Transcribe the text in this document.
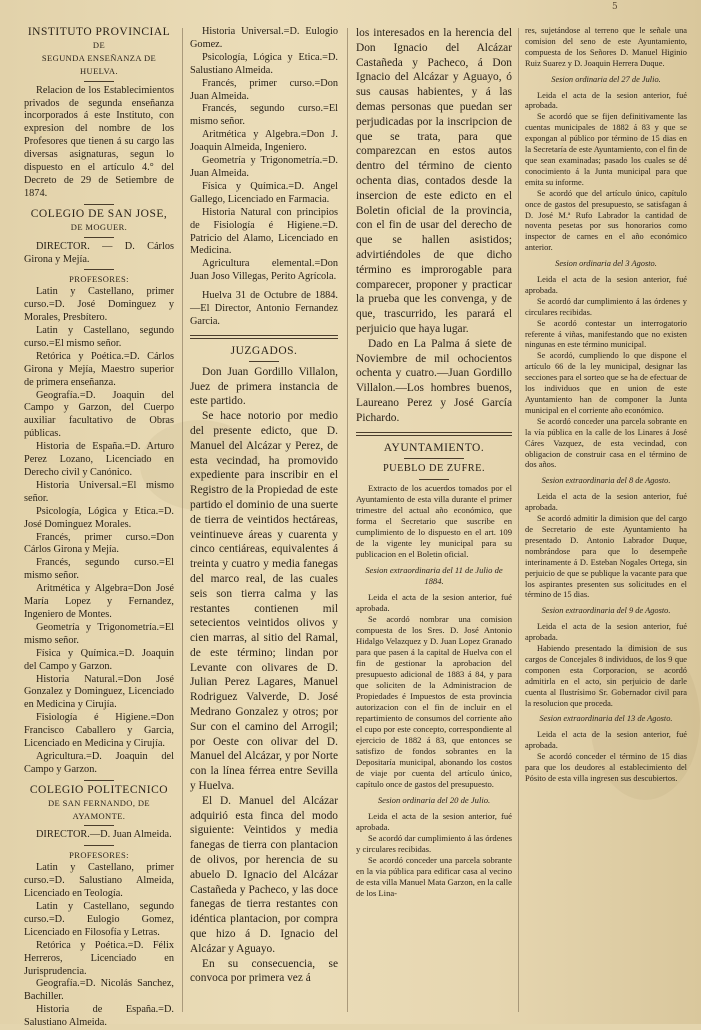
5

INSTITUTO PROVINCIAL

DE

SEGUNDA ENSEÑANZA DE HUELVA.

Relacion de los Establecimientos privados de segunda enseñanza incorporados á este Instituto, con expresion del nombre de los Profesores que tienen á su cargo las diversas asignaturas, segun lo dispuesto en el artículo 4.° del Decreto de 29 de Setiembre de 1874.

COLEGIO DE SAN JOSE,

DE MOGUER.

DIRECTOR. — D. Cárlos Girona y Mejía.

PROFESORES:

Latin y Castellano, primer curso.=D. José Dominguez y Morales, Presbítero.

Latin y Castellano, segundo curso.=El mismo señor.

Retórica y Poética.=D. Cárlos Girona y Mejía, Maestro superior de primera enseñanza.

Geografía.=D. Joaquin del Campo y Garzon, del Cuerpo auxiliar facultativo de Obras públicas.

Historia de España.=D. Arturo Perez Lozano, Licenciado en Derecho civil y Canónico.

Historia Universal.=El mismo señor.

Psicología, Lógica y Etica.=D. José Dominguez Morales.

Francés, primer curso.=Don Cárlos Girona y Mejía.

Francés, segundo curso.=El mismo señor.

Aritmética y Algebra=Don José María Lopez y Fernandez, Ingeniero de Montes.

Geometría y Trigonometría.=El mismo señor.

Física y Química.=D. Joaquin del Campo y Garzon.

Historia Natural.=Don José Gonzalez y Dominguez, Licenciado en Medicina y Cirujía.

Fisiología é Higiene.=Don Francisco Caballero y Garcia, Licenciado en Medicina y Cirujía.

Agricultura.=D. Joaquin del Campo y Garzon.

COLEGIO POLITECNICO

DE SAN FERNANDO, DE AYAMONTE.

DIRECTOR.—D. Juan Almeida.

PROFESORES:

Latin y Castellano, primer curso.=D. Salustiano Almeida, Licenciado en Teología.

Latin y Castellano, segundo curso.=D. Eulogio Gomez, Licenciado en Filosofía y Letras.

Retórica y Poética.=D. Félix Herreros, Licenciado en Jurisprudencia.

Geografía.=D. Nicolás Sanchez, Bachiller.

Historia de España.=D. Salustiano Almeida.

Historia Universal.=D. Eulogio Gomez.

Psicología, Lógica y Etica.=D. Salustiano Almeida.

Francés, primer curso.=Don Juan Almeida.

Francés, segundo curso.=El mismo señor.

Aritmética y Algebra.=Don J. Joaquin Almeida, Ingeniero.

Geometría y Trigonometría.=D. Juan Almeida.

Física y Química.=D. Angel Gallego, Licenciado en Farmacia.

Historia Natural con principios de Fisiología é Higiene.=D. Patricio del Alamo, Licenciado en Medicina.

Agricultura elemental.=Don Juan Joso Villegas, Perito Agrícola.

Huelva 31 de Octubre de 1884. —El Director, Antonio Fernandez Garcia.

JUZGADOS.

Don Juan Gordillo Villalon, Juez de primera instancia de este partido.

Se hace notorio por medio del presente edicto, que D. Manuel del Alcázar y Perez, de esta vecindad, ha promovido expediente para inscribir en el Registro de la Propiedad de este partido el dominio de una suerte de tierra de veintidos hectáreas, veintinueve áreas y cuarenta y cinco centiáreas, equivalentes á treinta y cuatro y media fanegas del marco real, de las cuales seis son tierra calma y las restantes contienen mil setecientos veintidos olivos y cien marras, al sitio del Ramal, de este término; lindan por Levante con olivares de D. Julian Perez Lagares, Manuel Rodriguez Valverde, D. José Medrano Gonzalez y otros; por Sur con el camino del Arrogil; por Oeste con olivar del D. Manuel del Alcázar, y por Norte con la línea férrea entre Sevilla y Huelva.

El D. Manuel del Alcázar adquirió esta finca del modo siguiente: Veintidos y media fanegas de tierra con plantacion de olivos, por herencia de su abuelo D. Ignacio del Alcázar Castañeda y Pacheco, y las doce fanegas de tierra restantes con idéntica plantacion, por compra que hizo á D. Ignacio del Alcázar y Aguayo.

En su consecuencia, se convoca por primera vez á

los interesados en la herencia del Don Ignacio del Alcázar Castañeda y Pacheco, á Don Ignacio del Alcázar y Aguayo, ó sus causas habientes, y á las demas personas que puedan ser perjudicadas por la inscripcion de que se trata, para que comparezcan en estos autos dentro del término de ciento ochenta dias, contados desde la insercion de este edicto en el Boletin oficial de la provincia, con el fin de usar del derecho de que se hallen asistidos; advirtiéndoles de que dicho término es improrogable para comparecer, proponer y practicar la prueba que les convenga, y de que, trascurrido, les parará el perjuicio que haya lugar.

Dado en La Palma á siete de Noviembre de mil ochocientos ochenta y cuatro.—Juan Gordillo Villalon.—Los hombres buenos, Laureano Perez y José García Pichardo.

AYUNTAMIENTO.

PUEBLO DE ZUFRE.

Extracto de los acuerdos tomados por el Ayuntamiento de esta villa durante el primer trimestre del actual año económico, que forma el Secretario que suscribe en cumplimiento de lo dispuesto en el art. 109 de la vigente ley municipal para su publicacion en el Boletin oficial.

Sesion extraordinaria del 11 de Julio de 1884.

Leida el acta de la sesion anterior, fué aprobada.

Se acordó nombrar una comision compuesta de los Sres. D. José Antonio Hidalgo Velazquez y D. Juan Lopez Granado para que pasen á la capital de Huelva con el fin de gestionar la aprobacion del presupuesto adicional de 1883 á 84, y para que soliciten de la Administracion de Propiedades é Impuestos de esta provincia autorizacion con el fin de incluir en el repartimiento de consumos del corriente año el cupo por este concepto, correspondiente al ejercicio de 1882 á 83, que entonces se satisfizo de fondos sobrantes en la Depositaría municipal, abonando los costos de viaje por cuenta del artículo único, capítulo once de gastos del presupuesto.

Sesion ordinaria del 20 de Julio.

Leida el acta de la sesion anterior, fué aprobada.

Se acordó dar cumplimiento á las órdenes y circulares recibidas.

Se acordó conceder una parcela sobrante en la via pública para edificar casa al vecino de esta villa Manuel Mata Garzon, en la calle de los Lina-

res, sujetándose al terreno que le señale una comision del seno de este Ayuntamiento, compuesta de los Señores D. Manuel Higinio Ruiz Suarez y D. Joaquin Herrera Duque.

Sesion ordinaria del 27 de Julio.

Leida el acta de la sesion anterior, fué aprobada.

Se acordó que se fijen definitivamente las cuentas municipales de 1882 á 83 y que se expongan al público por término de 15 dias en la Secretaría de este Ayuntamiento, con el fin de que sean examinadas; pasado los cuales se dé conocimiento á la Junta municipal para que emita su informe.

Se acordó que del artículo único, capítulo once de gastos del presupuesto, se satisfagan á D. José M.ª Rufo Labrador la cantidad de noventa pesetas por sus honorarios como inspector de carnes en el año económico anterior.

Sesion ordinaria del 3 Agosto.

Leida el acta de la sesion anterior, fué aprobada.

Se acordó dar cumplimiento á las órdenes y circulares recibidas.

Se acordó contestar un interrogatorio referente á viñas, manifestando que no existen ningunas en este término municipal.

Se acordó, cumpliendo lo que dispone el artículo 66 de la ley municipal, designar las secciones para el sorteo que se ha de efectuar de los individuos que en union de este Ayuntamiento han de componer la Junta municipal en el corriente año económico.

Se acordó conceder una parcela sobrante en la vía pública en la calle de los Linares á José Cáres Vazquez, de esta vecindad, con obligacion de construir casa en el término de dos años.

Sesion extraordinaria del 8 de Agosto.

Leida el acta de la sesion anterior, fué aprobada.

Se acordó admitir la dimision que del cargo de Secretario de este Ayuntamiento ha presentado D. Antonio Labrador Duque, nombrándose para que lo desempeñe interinamente á D. Esteban Nogales Ortega, sin perjuicio de que se publique la vacante para que los aspirantes presenten sus solicitudes en el término de 15 dias.

Sesion extraordinaria del 9 de Agosto.

Leida el acta de la sesion anterior, fué aprobada.

Habiendo presentado la dimision de sus cargos de Concejales 8 individuos, de los 9 que componen esta Corporacion, se acordó admitirla en el acto, sin perjuicio de darle cuenta al Ilustrísimo Sr. Gobernador civil para la resolucion que proceda.

Sesion extraordinaria del 13 de Agosto.

Leida el acta de la sesion anterior, fué aprobada.

Se acordó conceder el término de 15 dias para que los deudores al establecimiento del Pósito de esta villa ingresen sus descubiertos.
